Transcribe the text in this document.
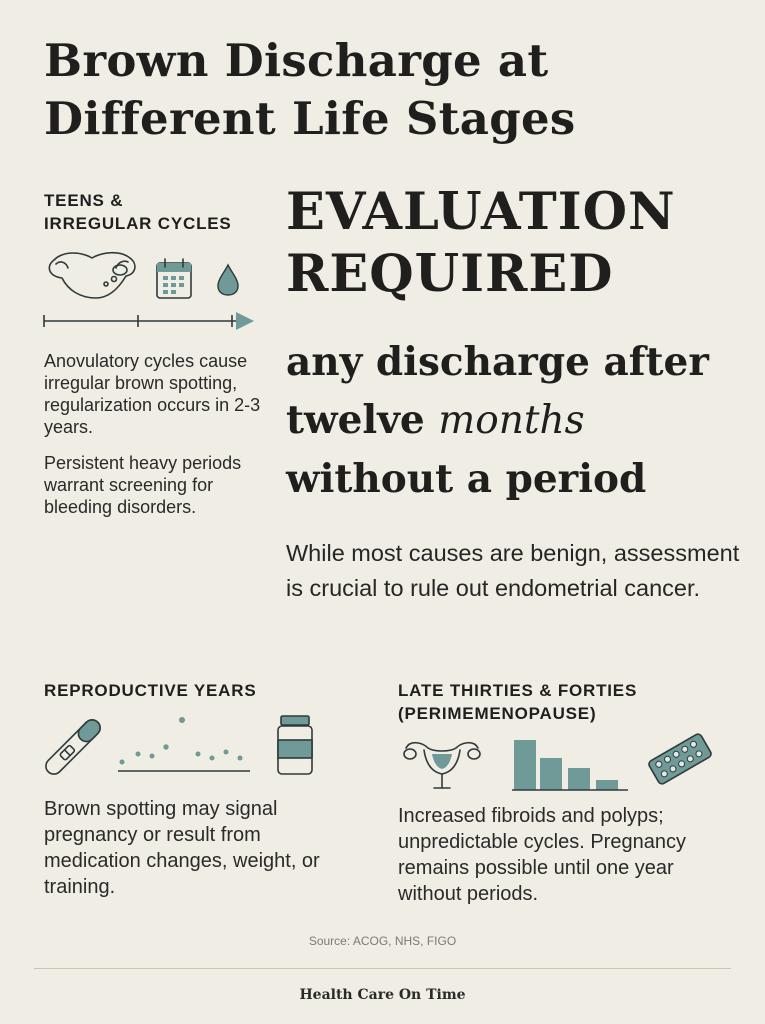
Brown Discharge at
Different Life Stages
TEENS &
IRREGULAR CYCLES
Anovulatory cycles cause irregular brown spotting, regularization occurs in 2-3 years.
Persistent heavy periods warrant screening for bleeding disorders.
EVALUATION
REQUIRED
any discharge after twelve months without a period
While most causes are benign, assessment is crucial to rule out endometrial cancer.
REPRODUCTIVE YEARS
Brown spotting may signal pregnancy or result from medication changes, weight, or training.
LATE THIRTIES & FORTIES
(PERIMEMENOPAUSE)
Increased fibroids and polyps; unpredictable cycles. Pregnancy remains possible until one year without periods.
Source: ACOG, NHS, FIGO
Health Care On Time
